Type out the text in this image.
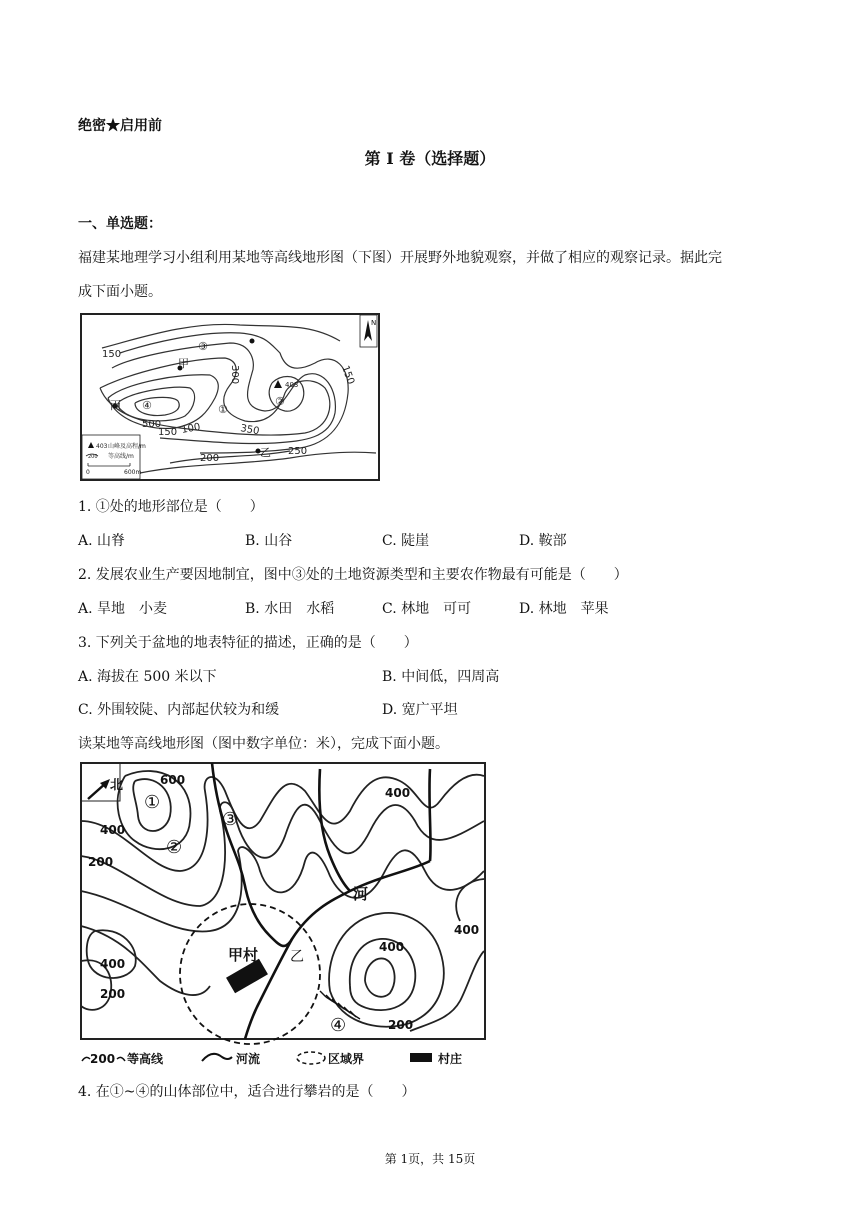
绝密★启用前
第 I 卷（选择题）
一、单选题：
福建某地理学习小组利用某地等高线地形图（下图）开展野外地貌观察，并做了相应的观察记录。据此完
成下面小题。
150
150
300
350
150 100
500
200
250
403
甲
丙
乙
①
②
③
④
N
403 山峰及高程/m
200 等高线/m
0	600m
1. ①处的地形部位是（　　）
A. 山脊	B. 山谷	C. 陡崖	D. 鞍部
2. 发展农业生产要因地制宜，图中③处的土地资源类型和主要农作物最有可能是（　　）
A. 旱地　小麦	B. 水田　水稻	C. 林地　可可	D. 林地　苹果
3. 下列关于盆地的地表特征的描述，正确的是（　　）
A. 海拔在 500 米以下	B. 中间低，四周高
C. 外围较陡、内部起伏较为和缓	D. 宽广平坦
读某地等高线地形图（图中数字单位：米），完成下面小题。
北	600
400
200
400
400
200
400
400
200
①
②
③
④
甲村 乙
河
200 等高线	河流	区域界	村庄
4. 在①~④的山体部位中，适合进行攀岩的是（　　）
第 1页，共 15页
